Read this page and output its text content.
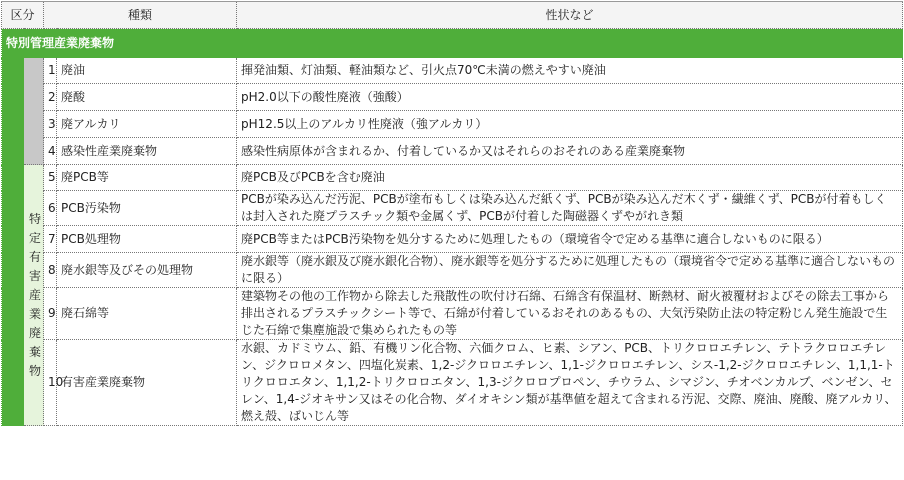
区分		種類		性状など
特別管理産業廃棄物				
		1	廃油	揮発油類、灯油類、軽油類など、引火点70℃未満の燃えやすい廃油
		2	廃酸	pH2.0以下の酸性廃液（強酸）
		3	廃アルカリ	pH12.5以上のアルカリ性廃液（強アルカリ）
		4	感染性産業廃棄物	感染性病原体が含まれるか、付着しているか又はそれらのおそれのある産業廃棄物
	特定有害産業廃棄物	5	廃PCB等	廃PCB及びPCBを含む廃油
		6	PCB汚染物	PCBが染み込んだ汚泥、PCBが塗布もしくは染み込んだ紙くず、PCBが染み込んだ木くず・繊維くず、PCBが付着もしくは封入された廃プラスチック類や金属くず、PCBが付着した陶磁器くずやがれき類
		7	PCB処理物	廃PCB等またはPCB汚染物を処分するために処理したもの（環境省令で定める基準に適合しないものに限る）
		8	廃水銀等及びその処理物	廃水銀等（廃水銀及び廃水銀化合物）、廃水銀等を処分するために処理したもの（環境省令で定める基準に適合しないものに限る）
		9	廃石綿等	建築物その他の工作物から除去した飛散性の吹付け石綿、石綿含有保温材、断熱材、耐火被覆材およびその除去工事から排出されるプラスチックシート等で、石綿が付着しているおそれのあるもの、大気汚染防止法の特定粉じん発生施設で生じた石綿で集塵施設で集められたもの等
		10	有害産業廃棄物	水銀、カドミウム、鉛、有機リン化合物、六価クロム、ヒ素、シアン、PCB、トリクロロエチレン、テトラクロロエチレン、ジクロロメタン、四塩化炭素、1,2-ジクロロエチレン、1,1-ジクロロエチレン、シス-1,2-ジクロロエチレン、1,1,1-トリクロロエタン、1,1,2-トリクロロエタン、1,3-ジクロロプロペン、チウラム、シマジン、チオベンカルブ、ベンゼン、セレン、1,4-ジオキサン又はその化合物、ダイオキシン類が基準値を超えて含まれる汚泥、交際、廃油、廃酸、廃アルカリ、燃え殻、ばいじん等
